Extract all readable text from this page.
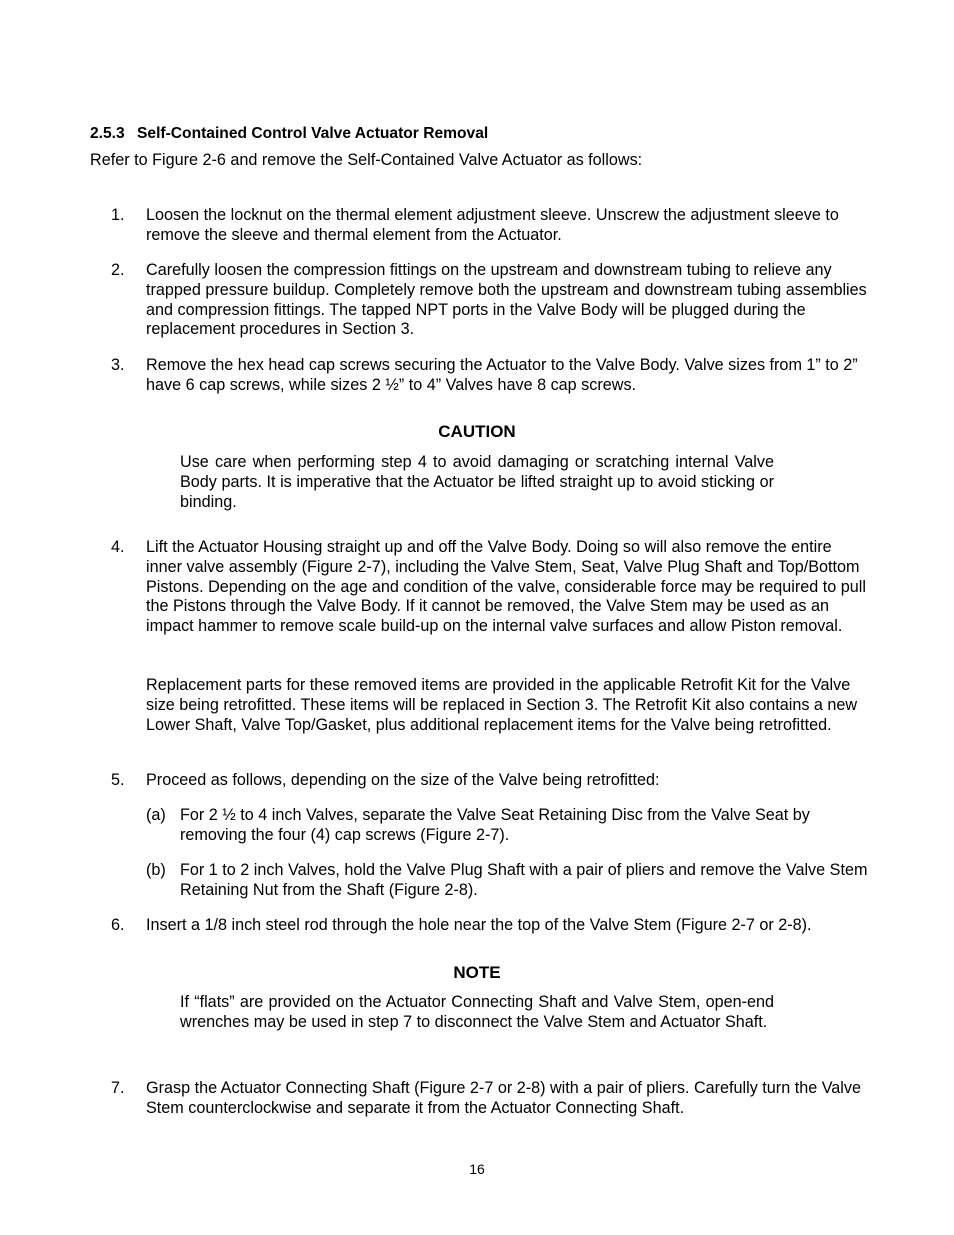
2.5.3 Self-Contained Control Valve Actuator Removal

Refer to Figure 2-6 and remove the Self-Contained Valve Actuator as follows:

1. Loosen the locknut on the thermal element adjustment sleeve. Unscrew the adjustment sleeve to remove the sleeve and thermal element from the Actuator.
2. Carefully loosen the compression fittings on the upstream and downstream tubing to relieve any trapped pressure buildup. Completely remove both the upstream and downstream tubing assemblies and compression fittings. The tapped NPT ports in the Valve Body will be plugged during the replacement procedures in Section 3.
3. Remove the hex head cap screws securing the Actuator to the Valve Body. Valve sizes from 1” to 2” have 6 cap screws, while sizes 2 ½” to 4” Valves have 8 cap screws.
CAUTION

Use care when performing step 4 to avoid damaging or scratching internal Valve Body parts. It is imperative that the Actuator be lifted straight up to avoid sticking or binding.

4. Lift the Actuator Housing straight up and off the Valve Body. Doing so will also remove the entire inner valve assembly (Figure 2-7), including the Valve Stem, Seat, Valve Plug Shaft and Top/Bottom Pistons. Depending on the age and condition of the valve, considerable force may be required to pull the Pistons through the Valve Body. If it cannot be removed, the Valve Stem may be used as an impact hammer to remove scale build-up on the internal valve surfaces and allow Piston removal.

Replacement parts for these removed items are provided in the applicable Retrofit Kit for the Valve size being retrofitted. These items will be replaced in Section 3. The Retrofit Kit also contains a new Lower Shaft, Valve Top/Gasket, plus additional replacement items for the Valve being retrofitted.

5. Proceed as follows, depending on the size of the Valve being retrofitted:
(a) For 2 ½ to 4 inch Valves, separate the Valve Seat Retaining Disc from the Valve Seat by removing the four (4) cap screws (Figure 2-7).
(b) For 1 to 2 inch Valves, hold the Valve Plug Shaft with a pair of pliers and remove the Valve Stem Retaining Nut from the Shaft (Figure 2-8).
6. Insert a 1/8 inch steel rod through the hole near the top of the Valve Stem (Figure 2-7 or 2-8).
NOTE

If “flats” are provided on the Actuator Connecting Shaft and Valve Stem, open-end wrenches may be used in step 7 to disconnect the Valve Stem and Actuator Shaft.

7. Grasp the Actuator Connecting Shaft (Figure 2-7 or 2-8) with a pair of pliers. Carefully turn the Valve Stem counterclockwise and separate it from the Actuator Connecting Shaft.
16
